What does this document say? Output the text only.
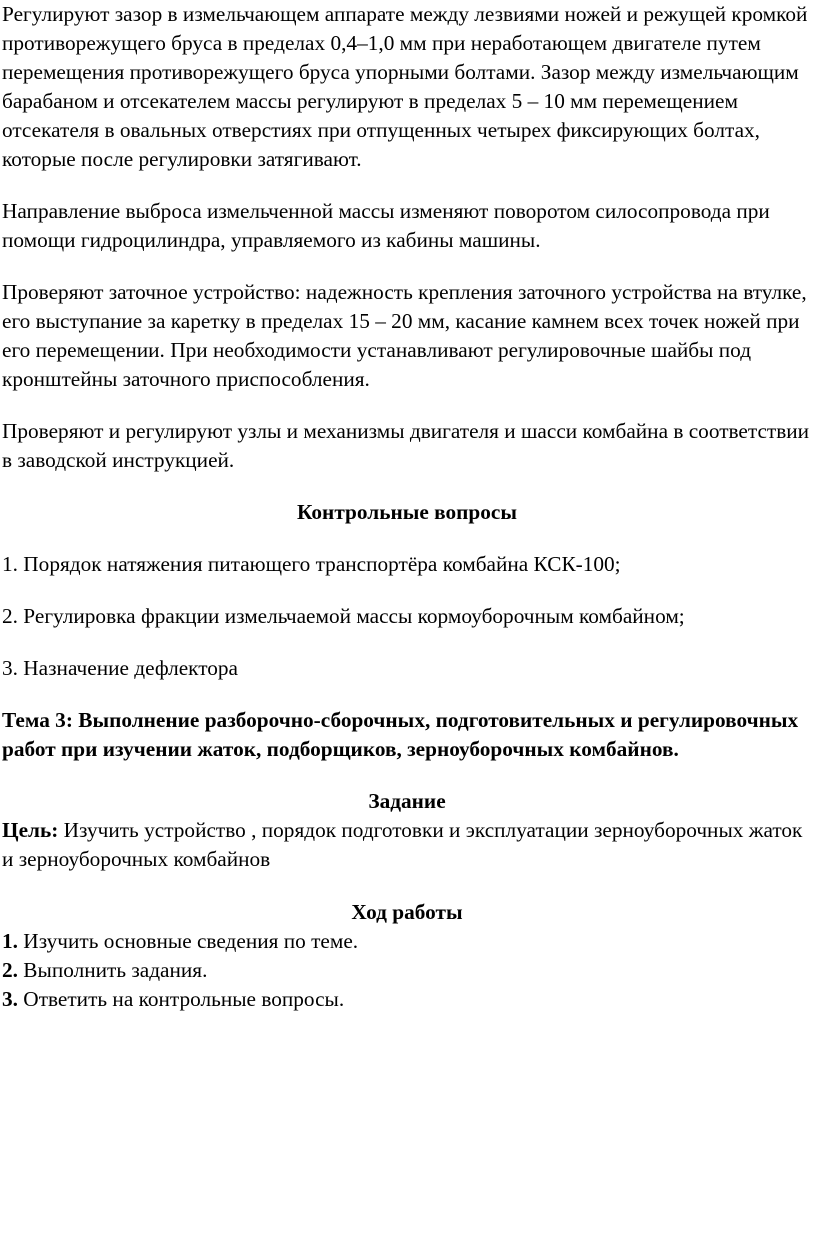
Регулируют зазор в измельчающем аппарате между лезвиями ножей и режущей кромкой противорежущего бруса в пределах 0,4–1,0 мм при неработающем двигателе путем перемещения противорежущего бруса упорными болтами. Зазор между измельчающим барабаном и отсекателем массы регулируют в пределах 5 – 10 мм перемещением отсекателя в овальных отверстиях при отпущенных четырех фиксирующих болтах, которые после регулировки затягивают.

Направление выброса измельченной массы изменяют поворотом силосопровода при помощи гидроцилиндра, управляемого из кабины машины.

Проверяют заточное устройство: надежность крепления заточного устройства на втулке, его выступание за каретку в пределах 15 – 20 мм, касание камнем всех точек ножей при его перемещении. При необходимости устанавливают регулировочные шайбы под кронштейны заточного приспособления.

Проверяют и регулируют узлы и механизмы двигателя и шасси комбайна в соответствии в заводской инструкцией.

Контрольные вопросы

1. Порядок натяжения питающего транспортёра комбайна КСК-100;

2. Регулировка фракции измельчаемой массы кормоуборочным комбайном;

3. Назначение дефлектора

Тема 3: Выполнение разборочно-сборочных, подготовительных и регулировочных работ при изучении жаток, подборщиков, зерноуборочных комбайнов.

Задание

Цель: Изучить устройство , порядок подготовки и эксплуатации зерноуборочных жаток и зерноуборочных комбайнов

Ход работы

1. Изучить основные сведения по теме.

2. Выполнить задания.

3. Ответить на контрольные вопросы.
